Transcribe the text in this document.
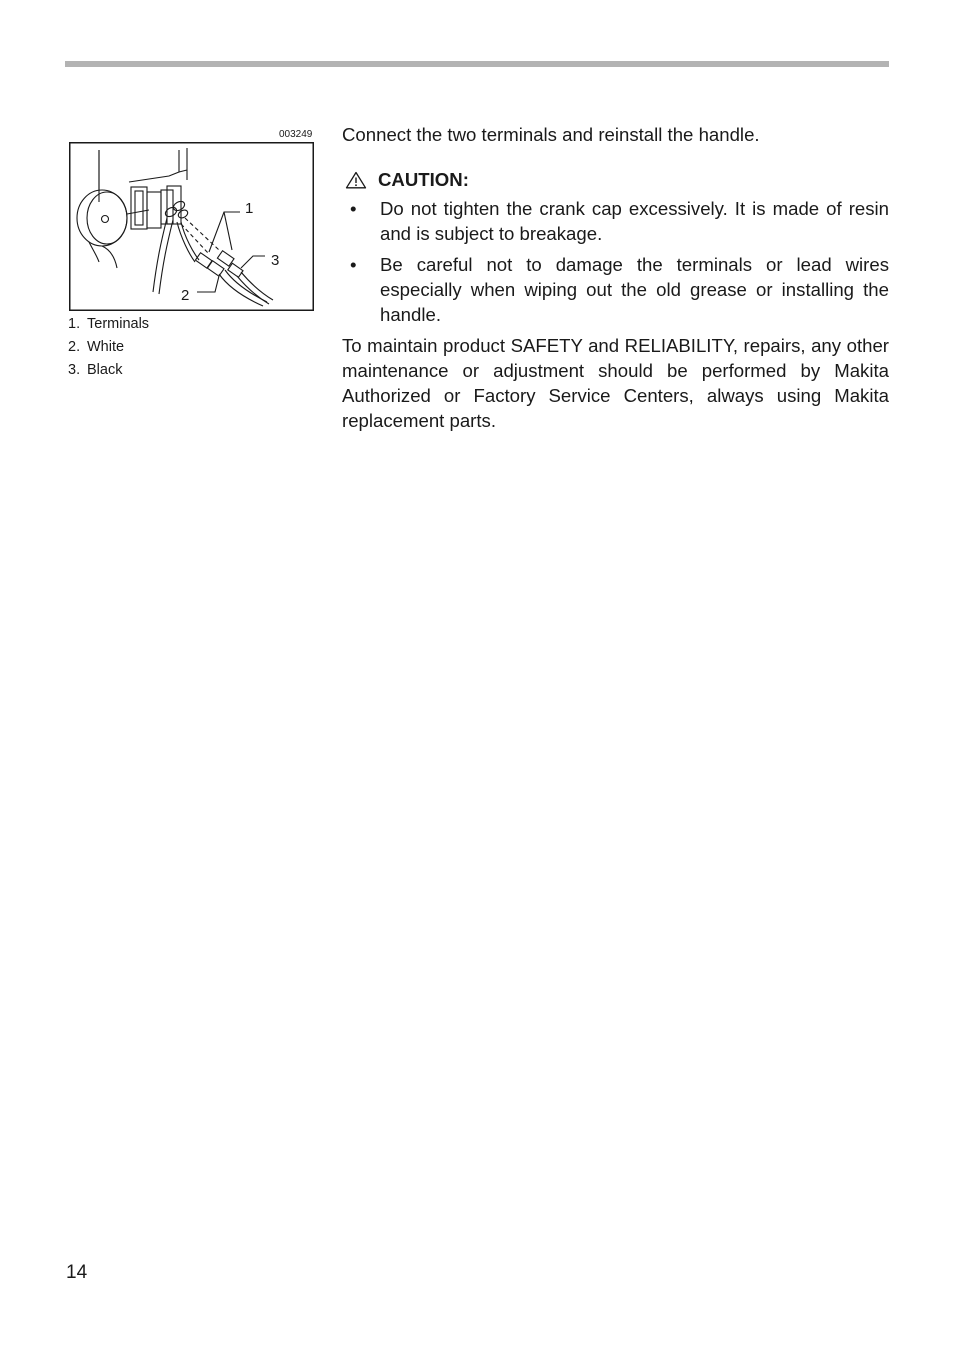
003249
1
3
2
1. Terminals
2. White
3. Black

Connect the two terminals and reinstall the handle.

CAUTION:
• Do not tighten the crank cap excessively. It is made of resin and is subject to breakage.
• Be careful not to damage the terminals or lead wires especially when wiping out the old grease or installing the handle.

To maintain product SAFETY and RELIABILITY, repairs, any other maintenance or adjustment should be performed by Makita Authorized or Factory Service Centers, always using Makita replacement parts.

14
